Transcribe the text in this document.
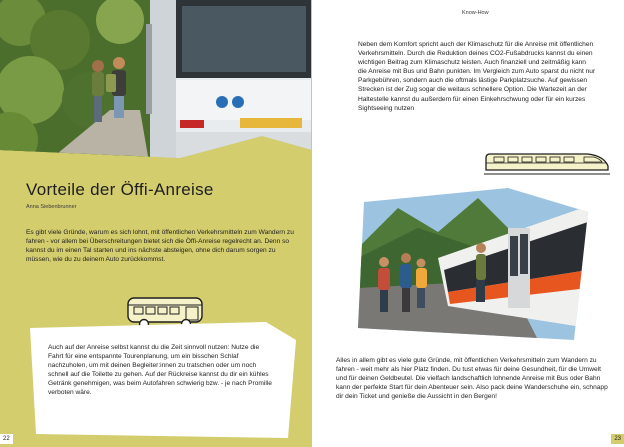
Vorteile der Öffi-Anreise
Anna Siebenbrunner

Es gibt viele Gründe, warum es sich lohnt, mit öffentlichen Verkehrsmitteln zum Wandern zu fahren - vor allem bei Überschreitungen bietet sich die Öffi-Anreise regelrecht an. Denn so kannst du im einen Tal starten und ins nächste absteigen, ohne dich darum sorgen zu müssen, wie du zu deinem Auto zurückkommst.

Auch auf der Anreise selbst kannst du die Zeit sinnvoll nutzen: Nutze die Fahrt für eine entspannte Tourenplanung, um ein bisschen Schlaf nachzuholen, um mit deinen Begleiter:innen zu tratschen oder um noch schnell auf die Toilette zu gehen. Auf der Rückreise kannst du dir ein kühles Getränk genehmigen, was beim Autofahren schwierig bzw. - je nach Promille verboten wäre.

22
Know-How

Neben dem Komfort spricht auch der Klimaschutz für die Anreise mit öffentlichen Verkehrsmitteln. Durch die Reduktion deines CO2-Fußabdrucks kannst du einen wichtigen Beitrag zum Klimaschutz leisten. Auch finanziell und zeitmäßig kann die Anreise mit Bus und Bahn punkten. Im Vergleich zum Auto sparst du nicht nur Parkgebühren, sondern auch die oftmals lästige Parkplatzsuche. Auf gewissen Strecken ist der Zug sogar die weitaus schnellere Option. Die Wartezeit an der Haltestelle kannst du außerdem für einen Einkehrschwung oder für ein kurzes Sightseeing nutzen

Alles in allem gibt es viele gute Gründe, mit öffentlichen Verkehrsmitteln zum Wandern zu fahren - weit mehr als hier Platz finden. Du tust etwas für deine Gesundheit, für die Umwelt und für deinen Geldbeutel. Die vielfach landschaftlich lohnende Anreise mit Bus oder Bahn kann der perfekte Start für dein Abenteuer sein. Also pack deine Wanderschuhe ein, schnapp dir dein Ticket und genieße die Aussicht in den Bergen!

23
